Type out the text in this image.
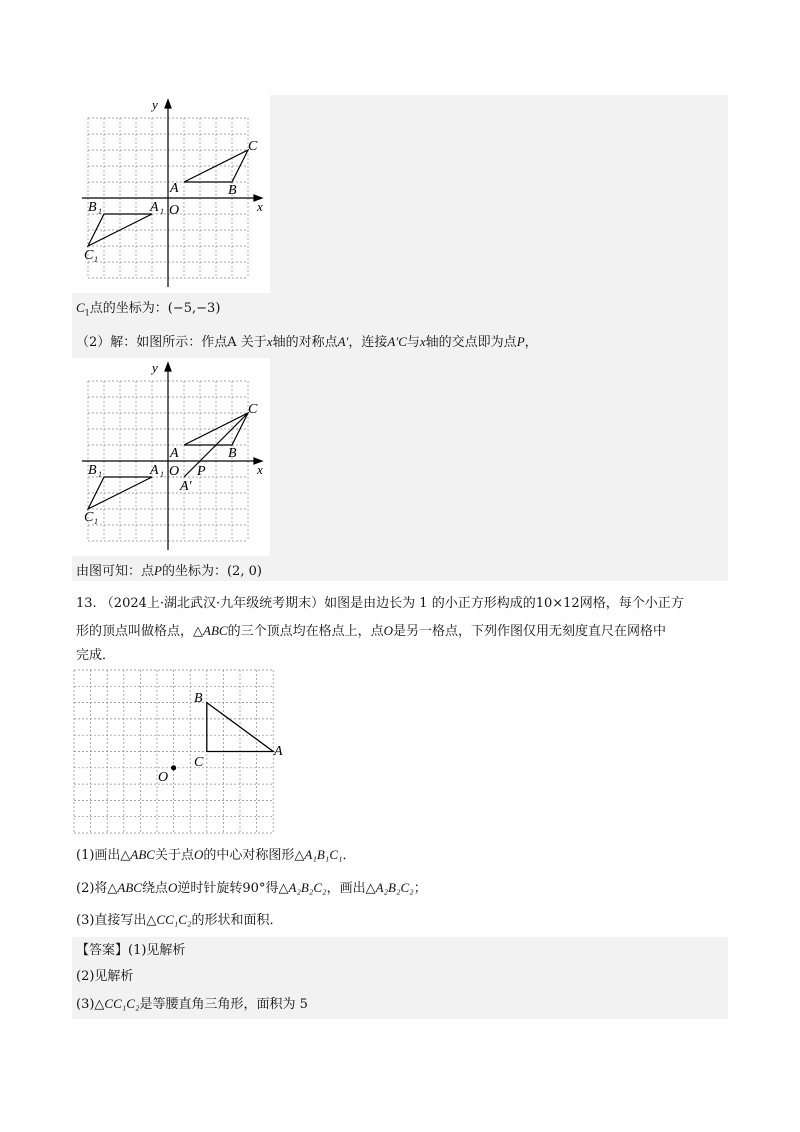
y
x
C
A	B
O
B 1	A 1
C 1
$C_1$点的坐标为：(−5,−3)
（2）解：如图所示：作点A 关于x轴的对称点A′，连接A′C与x轴的交点即为点P，
y
x
C
A	B
O P
A′
B 1	A 1
C 1
由图可知：点P的坐标为：(2, 0)
13. （2024上·湖北武汉·九年级统考期末）如图是由边长为 1 的小正方形构成的10×12网格，每个小正方
形的顶点叫做格点，△ABC的三个顶点均在格点上，点O是另一格点，下列作图仅用无刻度直尺在网格中
完成．
B
C
A
O
(1)画出△ABC关于点O的中心对称图形△A₁B₁C₁．
(2)将△ABC绕点O逆时针旋转90°得△A₂B₂C₂，画出△A₂B₂C₂；
(3)直接写出△CC₁C₂的形状和面积．
【答案】(1)见解析
(2)见解析
(3)△CC₁C₂是等腰直角三角形，面积为 5
